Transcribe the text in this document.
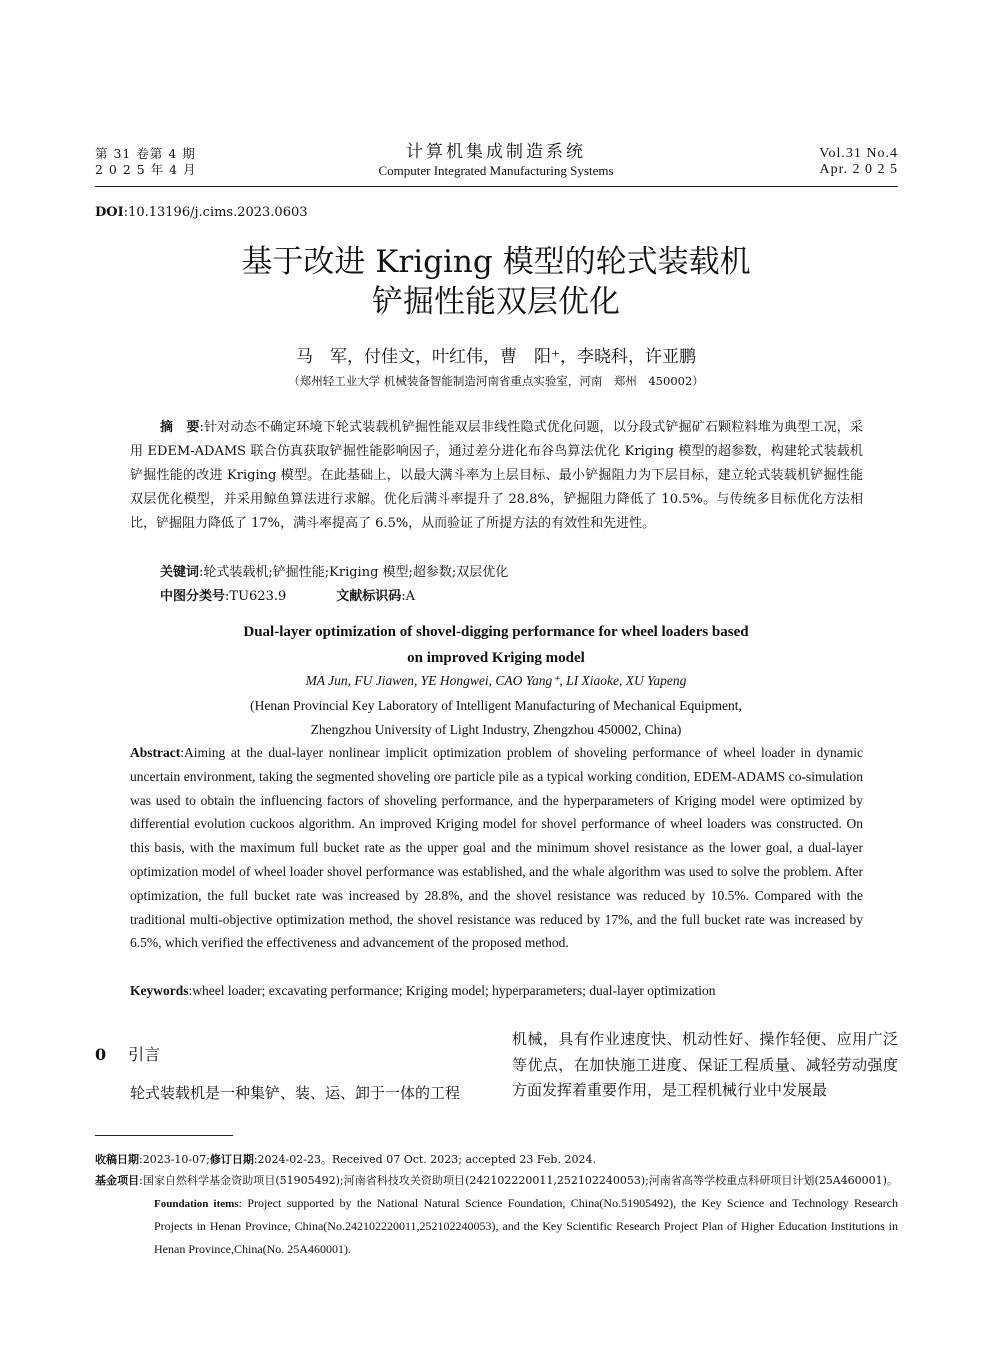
第 31 卷第 4 期
2 0 2 5 年 4 月
计算机集成制造系统
Computer Integrated Manufacturing Systems
Vol.31 No.4
Apr. 2 0 2 5
DOI:10.13196/j.cims.2023.0603
基于改进 Kriging 模型的轮式装载机
铲掘性能双层优化
马　军，付佳文，叶红伟，曹　阳⁺，李晓科，许亚鹏
（郑州轻工业大学 机械装备智能制造河南省重点实验室，河南　郑州　450002）
摘　要:针对动态不确定环境下轮式装载机铲掘性能双层非线性隐式优化问题，以分段式铲掘矿石颗粒料堆为典型工况，采用 EDEM-ADAMS 联合仿真获取铲掘性能影响因子，通过差分进化布谷鸟算法优化 Kriging 模型的超参数，构建轮式装载机铲掘性能的改进 Kriging 模型。在此基础上，以最大满斗率为上层目标、最小铲掘阻力为下层目标，建立轮式装载机铲掘性能双层优化模型，并采用鲸鱼算法进行求解。优化后满斗率提升了 28.8%，铲掘阻力降低了 10.5%。与传统多目标优化方法相比，铲掘阻力降低了 17%，满斗率提高了 6.5%，从而验证了所提方法的有效性和先进性。
关键词:轮式装载机;铲掘性能;Kriging 模型;超参数;双层优化
中图分类号:TU623.9	文献标识码:A
Dual-layer optimization of shovel-digging performance for wheel loaders based
on improved Kriging model
MA Jun, FU Jiawen, YE Hongwei, CAO Yang⁺, LI Xiaoke, XU Yapeng
(Henan Provincial Key Laboratory of Intelligent Manufacturing of Mechanical Equipment,
Zhengzhou University of Light Industry, Zhengzhou 450002, China)
Abstract:Aiming at the dual-layer nonlinear implicit optimization problem of shoveling performance of wheel loader in dynamic uncertain environment, taking the segmented shoveling ore particle pile as a typical working condition, EDEM-ADAMS co-simulation was used to obtain the influencing factors of shoveling performance, and the hyperparameters of Kriging model were optimized by differential evolution cuckoos algorithm. An improved Kriging model for shovel performance of wheel loaders was constructed. On this basis, with the maximum full bucket rate as the upper goal and the minimum shovel resistance as the lower goal, a dual-layer optimization model of wheel loader shovel performance was established, and the whale algorithm was used to solve the problem. After optimization, the full bucket rate was increased by 28.8%, and the shovel resistance was reduced by 10.5%. Compared with the traditional multi-objective optimization method, the shovel resistance was reduced by 17%, and the full bucket rate was increased by 6.5%, which verified the effectiveness and advancement of the proposed method.
Keywords:wheel loader; excavating performance; Kriging model; hyperparameters; dual-layer optimization
0 引言
轮式装载机是一种集铲、装、运、卸于一体的工程
机械，具有作业速度快、机动性好、操作轻便、应用广泛等优点，在加快施工进度、保证工程质量、减轻劳动强度方面发挥着重要作用，是工程机械行业中发展最
收稿日期:2023-10-07;修订日期:2024-02-23。Received 07 Oct. 2023; accepted 23 Feb. 2024.
基金项目:国家自然科学基金资助项目(51905492);河南省科技攻关资助项目(242102220011,252102240053);河南省高等学校重点科研项目计划(25A460001)。Foundation items: Project supported by the National Natural Science Foundation, China(No.51905492), the Key Science and Technology Research Projects in Henan Province, China(No.242102220011,252102240053), and the Key Scientific Research Project Plan of Higher Education Institutions in Henan Province,China(No. 25A460001).
